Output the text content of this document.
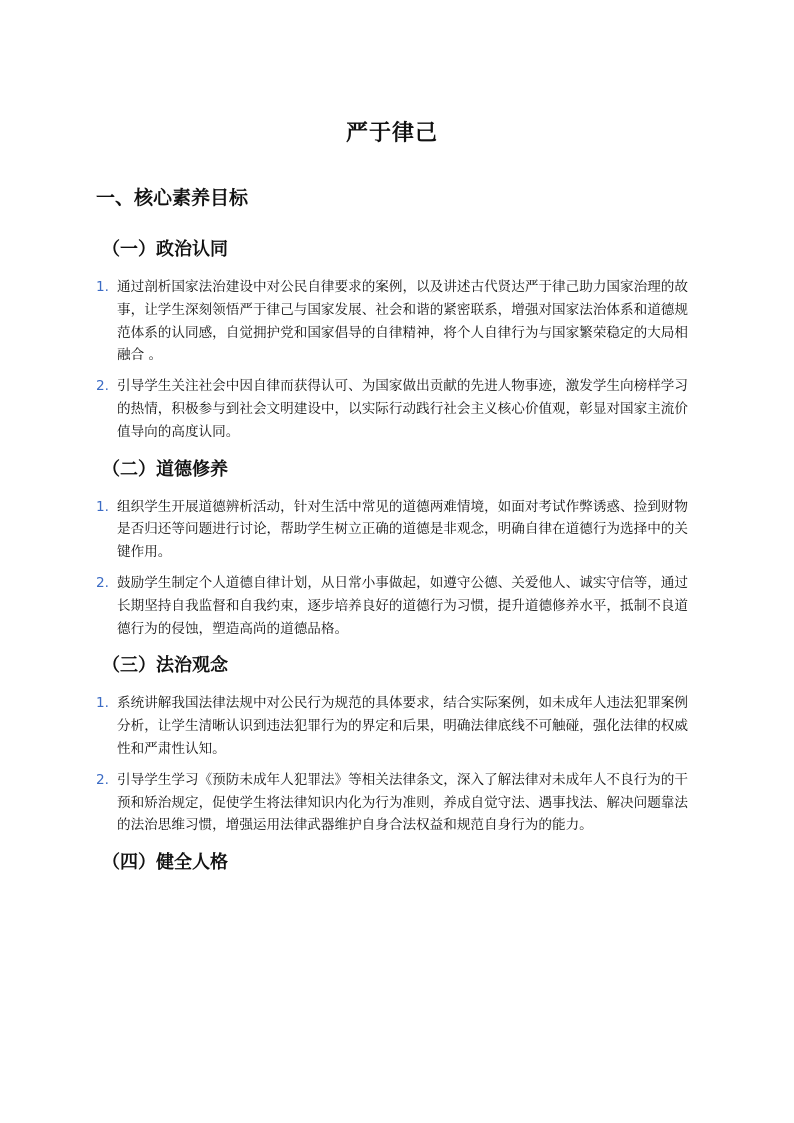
严于律己
一、核心素养目标
（一）政治认同
1. 通过剖析国家法治建设中对公民自律要求的案例，以及讲述古代贤达严于律己助力国家治理的故事，让学生深刻领悟严于律己与国家发展、社会和谐的紧密联系，增强对国家法治体系和道德规范体系的认同感，自觉拥护党和国家倡导的自律精神，将个人自律行为与国家繁荣稳定的大局相融合 。
2. 引导学生关注社会中因自律而获得认可、为国家做出贡献的先进人物事迹，激发学生向榜样学习的热情，积极参与到社会文明建设中，以实际行动践行社会主义核心价值观，彰显对国家主流价值导向的高度认同。
（二）道德修养
1. 组织学生开展道德辨析活动，针对生活中常见的道德两难情境，如面对考试作弊诱惑、捡到财物是否归还等问题进行讨论，帮助学生树立正确的道德是非观念，明确自律在道德行为选择中的关键作用。
2. 鼓励学生制定个人道德自律计划，从日常小事做起，如遵守公德、关爱他人、诚实守信等，通过长期坚持自我监督和自我约束，逐步培养良好的道德行为习惯，提升道德修养水平，抵制不良道德行为的侵蚀，塑造高尚的道德品格。
（三）法治观念
1. 系统讲解我国法律法规中对公民行为规范的具体要求，结合实际案例，如未成年人违法犯罪案例分析，让学生清晰认识到违法犯罪行为的界定和后果，明确法律底线不可触碰，强化法律的权威性和严肃性认知。
2. 引导学生学习《预防未成年人犯罪法》等相关法律条文，深入了解法律对未成年人不良行为的干预和矫治规定，促使学生将法律知识内化为行为准则，养成自觉守法、遇事找法、解决问题靠法的法治思维习惯，增强运用法律武器维护自身合法权益和规范自身行为的能力。
（四）健全人格
